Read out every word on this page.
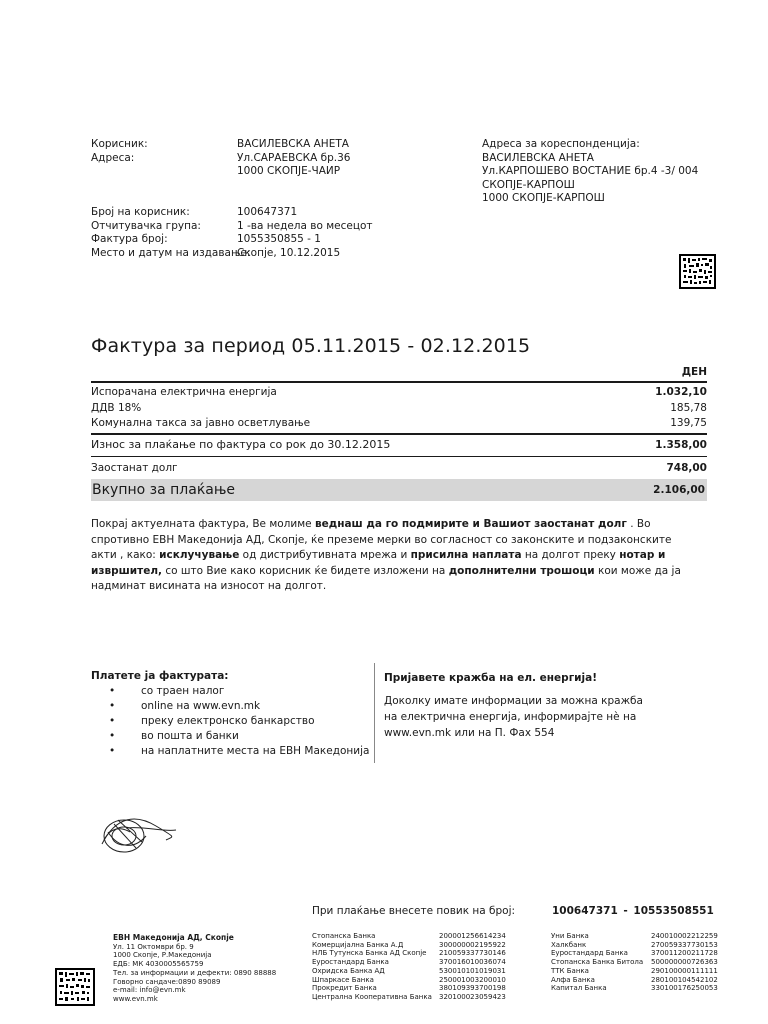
Корисник:	ВАСИЛЕВСКА АНЕТА
Адреса:	Ул.САРАЕВСКА бр.36
1000 СКОПЈЕ-ЧАИР
Број на корисник:	100647371
Отчитувачка група:	1 -ва недела во месецот
Фактура број:	1055350855 - 1
Место и датум на издавање:
Скопје, 10.12.2015
Адреса за кореспонденција:
ВАСИЛЕВСКА АНЕТА
Ул.КАРПОШЕВО ВОСТАНИЕ бр.4 -3/ 004
СКОПЈЕ-КАРПОШ
1000 СКОПЈЕ-КАРПОШ
Фактура за период 05.11.2015 - 02.12.2015
ДЕН
Испорачана електрична енергија	1.032,10
ДДВ 18%	185,78
Комунална такса за јавно осветлување	139,75
Износ за плаќање по фактура со рок до 30.12.2015	1.358,00
Заостанат долг	748,00
Вкупно за плаќање	2.106,00
Покрај актуелната фактура, Ве молиме веднаш да го подмирите и Вашиот заостанат долг . Во спротивно ЕВН Македонија АД, Скопје, ќе преземе мерки во согласност со законските и подзаконските акти , како: исклучување од дистрибутивната мрежа и присилна наплата на долгот преку нотар и извршител, со што Вие како корисник ќе бидете изложени на дополнителни трошоци кои може да ја надминат висината на износот на долгот.
Платете ја фактурата:
•	со траен налог
•	online на www.evn.mk
•	преку електронско банкарство
•	во пошта и банки
•	на наплатните места на ЕВН Македонија
Пријавете кражба на ел. енергија!
Доколку имате информации за можна кражба
на електрична енергија, информирајте нè на
www.evn.mk или на П. Фах 554
При плаќање внесете повик на број:	100647371 - 10553508551
ЕВН Македонија АД, Скопје
Ул. 11 Октомври бр. 9
1000 Скопје, Р.Македонија
ЕДБ: МК 4030005565759
Тел. за информации и дефекти: 0890 88888
Говорно сандаче:0890 89089
e-mail: info@evn.mk
www.evn.mk
Стопанска Банка	200001256614234
Комерцијална Банка А.Д	300000002195922
НЛБ Тутунска Банка АД Скопје	210059337730146
Еуростандард Банка	370016010036074
Охридска Банка АД	530010101019031
Шпаркасе Банка	250001003200010
Прокредит Банка	380109393700198
Централна Кооперативна Банка	320100023059423
Уни Банка	240010002212259
Халкбанк	270059337730153
Еуростандард Банка	370011200211728
Стопанска Банка Битола	500000000726363
ТТК Банка	290100000111111
Алфа Банка	280100104542102
Капитал Банка	330100176250053
